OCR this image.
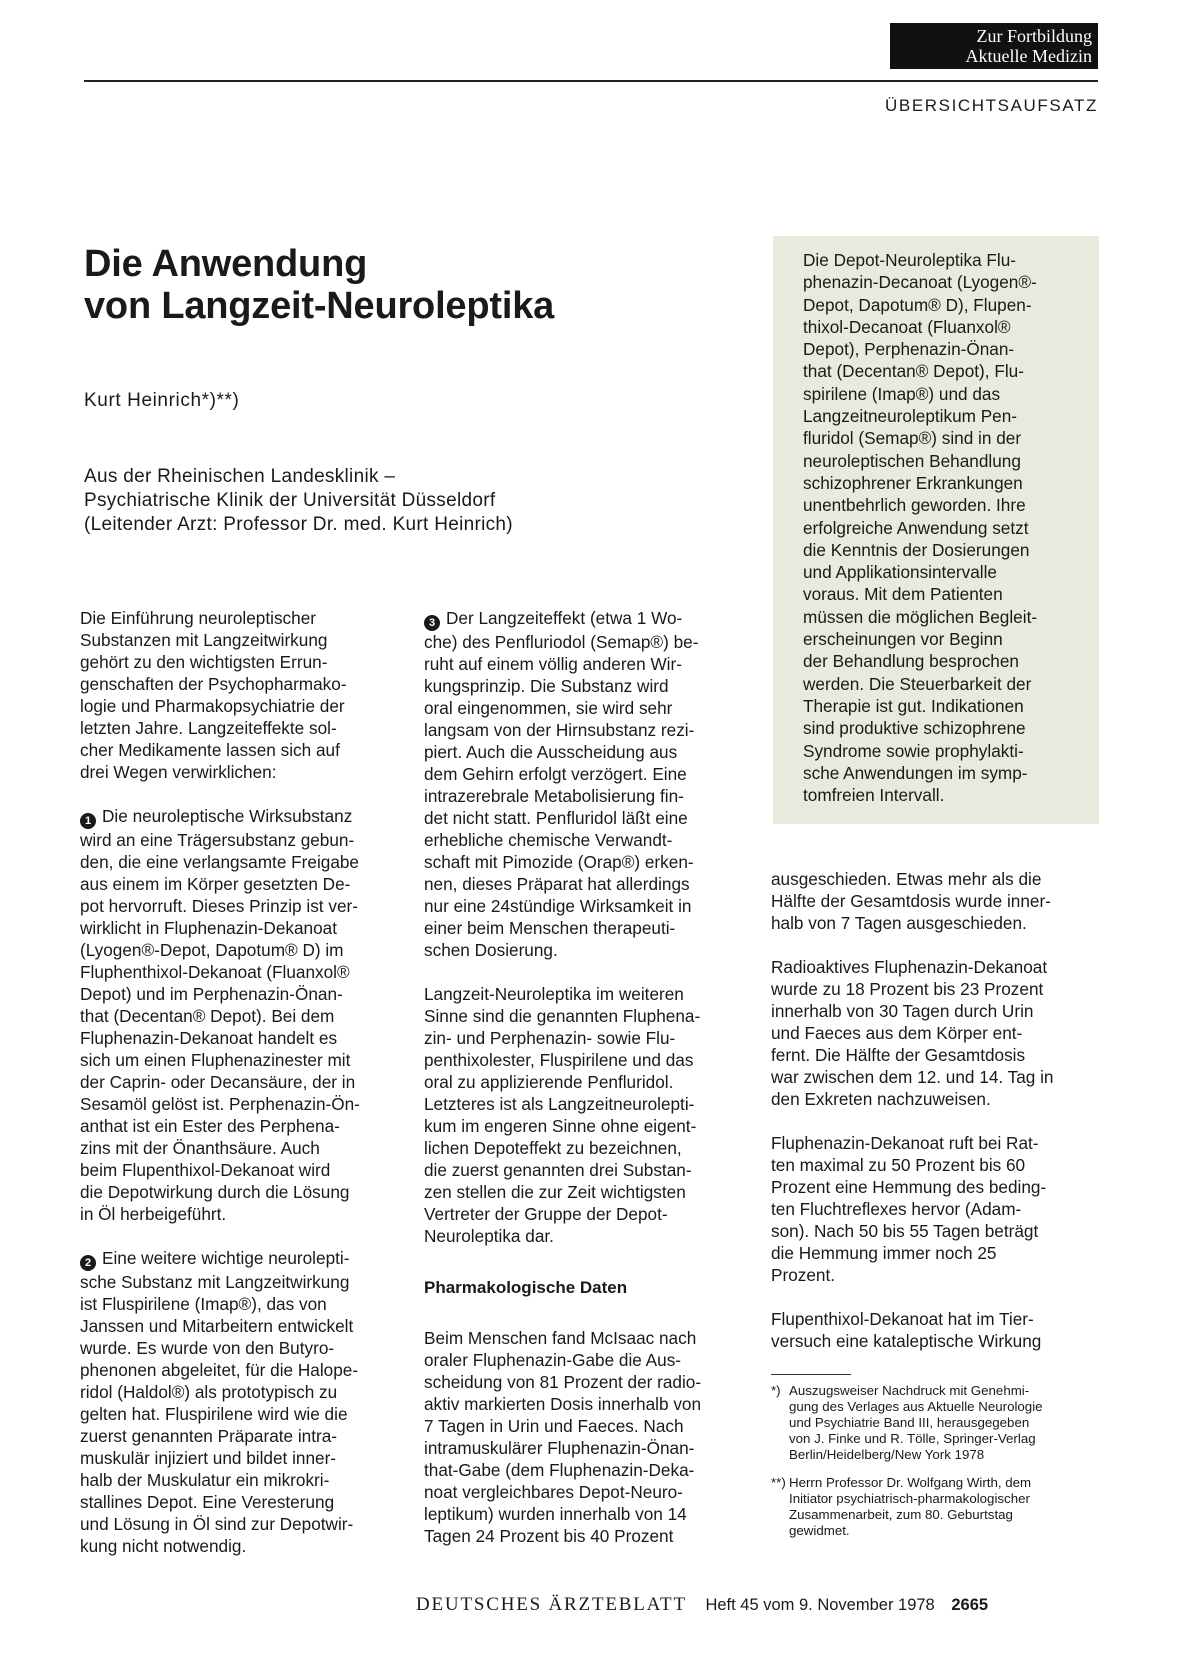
Zur Fortbildung
Aktuelle Medizin
ÜBERSICHTSAUFSATZ
Die Anwendung
von Langzeit-Neuroleptika
Kurt Heinrich*)**)
Aus der Rheinischen Landesklinik –
Psychiatrische Klinik der Universität Düsseldorf
(Leitender Arzt: Professor Dr. med. Kurt Heinrich)
Die Depot-Neuroleptika Flu-
phenazin-Decanoat (Lyogen®-
Depot, Dapotum® D), Flupen-
thixol-Decanoat (Fluanxol®
Depot), Perphenazin-Önan-
that (Decentan® Depot), Flu-
spirilene (Imap®) und das
Langzeitneuroleptikum Pen-
fluridol (Semap®) sind in der
neuroleptischen Behandlung
schizophrener Erkrankungen
unentbehrlich geworden. Ihre
erfolgreiche Anwendung setzt
die Kenntnis der Dosierungen
und Applikationsintervalle
voraus. Mit dem Patienten
müssen die möglichen Begleit-
erscheinungen vor Beginn
der Behandlung besprochen
werden. Die Steuerbarkeit der
Therapie ist gut. Indikationen
sind produktive schizophrene
Syndrome sowie prophylakti-
sche Anwendungen im symp-
tomfreien Intervall.
Die Einführung neuroleptischer
Substanzen mit Langzeitwirkung
gehört zu den wichtigsten Errun-
genschaften der Psychopharmako-
logie und Pharmakopsychiatrie der
letzten Jahre. Langzeiteffekte sol-
cher Medikamente lassen sich auf
drei Wegen verwirklichen:
1 Die neuroleptische Wirksubstanz
wird an eine Trägersubstanz gebun-
den, die eine verlangsamte Freigabe
aus einem im Körper gesetzten De-
pot hervorruft. Dieses Prinzip ist ver-
wirklicht in Fluphenazin-Dekanoat
(Lyogen®-Depot, Dapotum® D) im
Fluphenthixol-Dekanoat (Fluanxol®
Depot) und im Perphenazin-Önan-
that (Decentan® Depot). Bei dem
Fluphenazin-Dekanoat handelt es
sich um einen Fluphenazinester mit
der Caprin- oder Decansäure, der in
Sesamöl gelöst ist. Perphenazin-Ön-
anthat ist ein Ester des Perphena-
zins mit der Önanthsäure. Auch
beim Flupenthixol-Dekanoat wird
die Depotwirkung durch die Lösung
in Öl herbeigeführt.
2 Eine weitere wichtige neurolepti-
sche Substanz mit Langzeitwirkung
ist Fluspirilene (Imap®), das von
Janssen und Mitarbeitern entwickelt
wurde. Es wurde von den Butyro-
phenonen abgeleitet, für die Halope-
ridol (Haldol®) als prototypisch zu
gelten hat. Fluspirilene wird wie die
zuerst genannten Präparate intra-
muskulär injiziert und bildet inner-
halb der Muskulatur ein mikrokri-
stallines Depot. Eine Veresterung
und Lösung in Öl sind zur Depotwir-
kung nicht notwendig.
3 Der Langzeiteffekt (etwa 1 Wo-
che) des Penfluriodol (Semap®) be-
ruht auf einem völlig anderen Wir-
kungsprinzip. Die Substanz wird
oral eingenommen, sie wird sehr
langsam von der Hirnsubstanz rezi-
piert. Auch die Ausscheidung aus
dem Gehirn erfolgt verzögert. Eine
intrazerebrale Metabolisierung fin-
det nicht statt. Penfluridol läßt eine
erhebliche chemische Verwandt-
schaft mit Pimozide (Orap®) erken-
nen, dieses Präparat hat allerdings
nur eine 24stündige Wirksamkeit in
einer beim Menschen therapeuti-
schen Dosierung.
Langzeit-Neuroleptika im weiteren
Sinne sind die genannten Fluphena-
zin- und Perphenazin- sowie Flu-
penthixolester, Fluspirilene und das
oral zu applizierende Penfluridol.
Letzteres ist als Langzeitneurolepti-
kum im engeren Sinne ohne eigent-
lichen Depoteffekt zu bezeichnen,
die zuerst genannten drei Substan-
zen stellen die zur Zeit wichtigsten
Vertreter der Gruppe der Depot-
Neuroleptika dar.
Pharmakologische Daten
Beim Menschen fand McIsaac nach
oraler Fluphenazin-Gabe die Aus-
scheidung von 81 Prozent der radio-
aktiv markierten Dosis innerhalb von
7 Tagen in Urin und Faeces. Nach
intramuskulärer Fluphenazin-Önan-
that-Gabe (dem Fluphenazin-Deka-
noat vergleichbares Depot-Neuro-
leptikum) wurden innerhalb von 14
Tagen 24 Prozent bis 40 Prozent
ausgeschieden. Etwas mehr als die
Hälfte der Gesamtdosis wurde inner-
halb von 7 Tagen ausgeschieden.
Radioaktives Fluphenazin-Dekanoat
wurde zu 18 Prozent bis 23 Prozent
innerhalb von 30 Tagen durch Urin
und Faeces aus dem Körper ent-
fernt. Die Hälfte der Gesamtdosis
war zwischen dem 12. und 14. Tag in
den Exkreten nachzuweisen.
Fluphenazin-Dekanoat ruft bei Rat-
ten maximal zu 50 Prozent bis 60
Prozent eine Hemmung des beding-
ten Fluchtreflexes hervor (Adam-
son). Nach 50 bis 55 Tagen beträgt
die Hemmung immer noch 25
Prozent.
Flupenthixol-Dekanoat hat im Tier-
versuch eine kataleptische Wirkung
*) Auszugsweiser Nachdruck mit Genehmi-
gung des Verlages aus Aktuelle Neurologie
und Psychiatrie Band III, herausgegeben
von J. Finke und R. Tölle, Springer-Verlag
Berlin/Heidelberg/New York 1978
**) Herrn Professor Dr. Wolfgang Wirth, dem
Initiator psychiatrisch-pharmakologischer
Zusammenarbeit, zum 80. Geburtstag
gewidmet.
DEUTSCHES ÄRZTEBLATT Heft 45 vom 9. November 1978 2665
